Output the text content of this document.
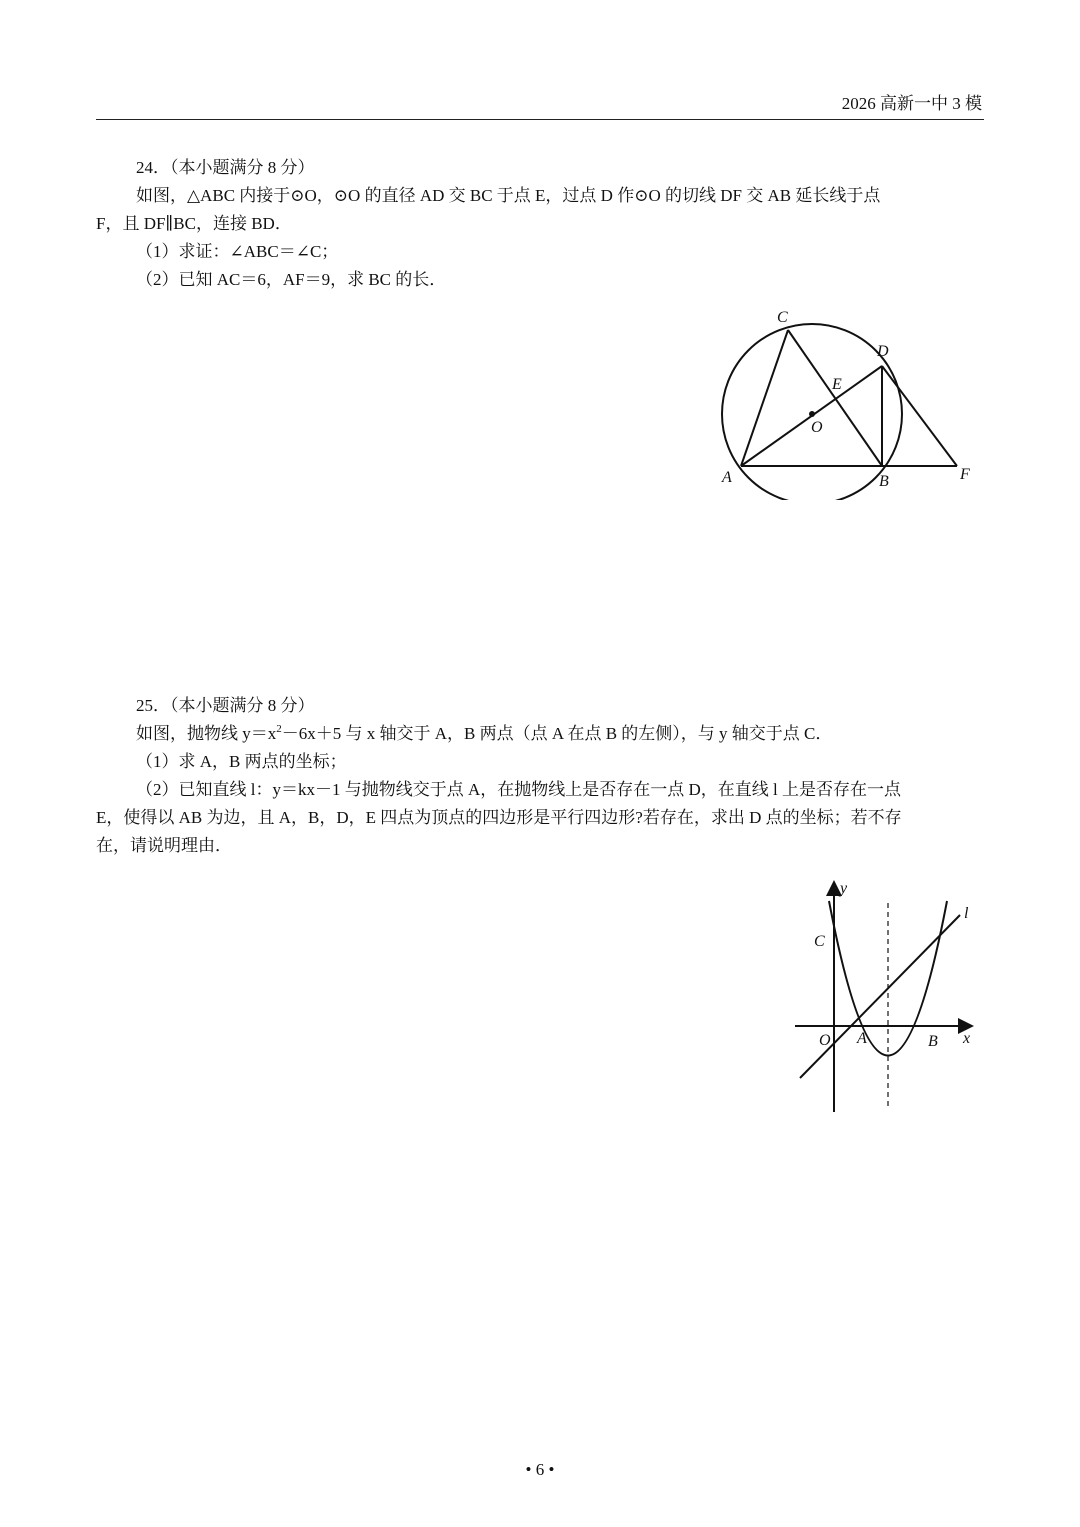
2026 高新一中 3 模

24．（本小题满分 8 分）

如图，△ABC 内接于⊙O，⊙O 的直径 AD 交 BC 于点 E，过点 D 作⊙O 的切线 DF 交 AB 延长线于点

F，且 DF∥BC，连接 BD．

（1）求证：∠ABC＝∠C；

（2）已知 AC＝6，AF＝9，求 BC 的长．

C
D
E
O
A	B	F

25．（本小题满分 8 分）

如图，抛物线 $y=x^2-6x+5$ 与 x 轴交于 A，B 两点（点 A 在点 B 的左侧），与 y 轴交于点 C．

（1）求 A，B 两点的坐标；

（2）已知直线 l：y＝kx－1 与抛物线交于点 A，在抛物线上是否存在一点 D，在直线 l 上是否存在一点

E，使得以 AB 为边，且 A，B，D，E 四点为顶点的四边形是平行四边形?若存在，求出 D 点的坐标；若不存

在，请说明理由．

y
l
C
O A	B x
• 6 •
